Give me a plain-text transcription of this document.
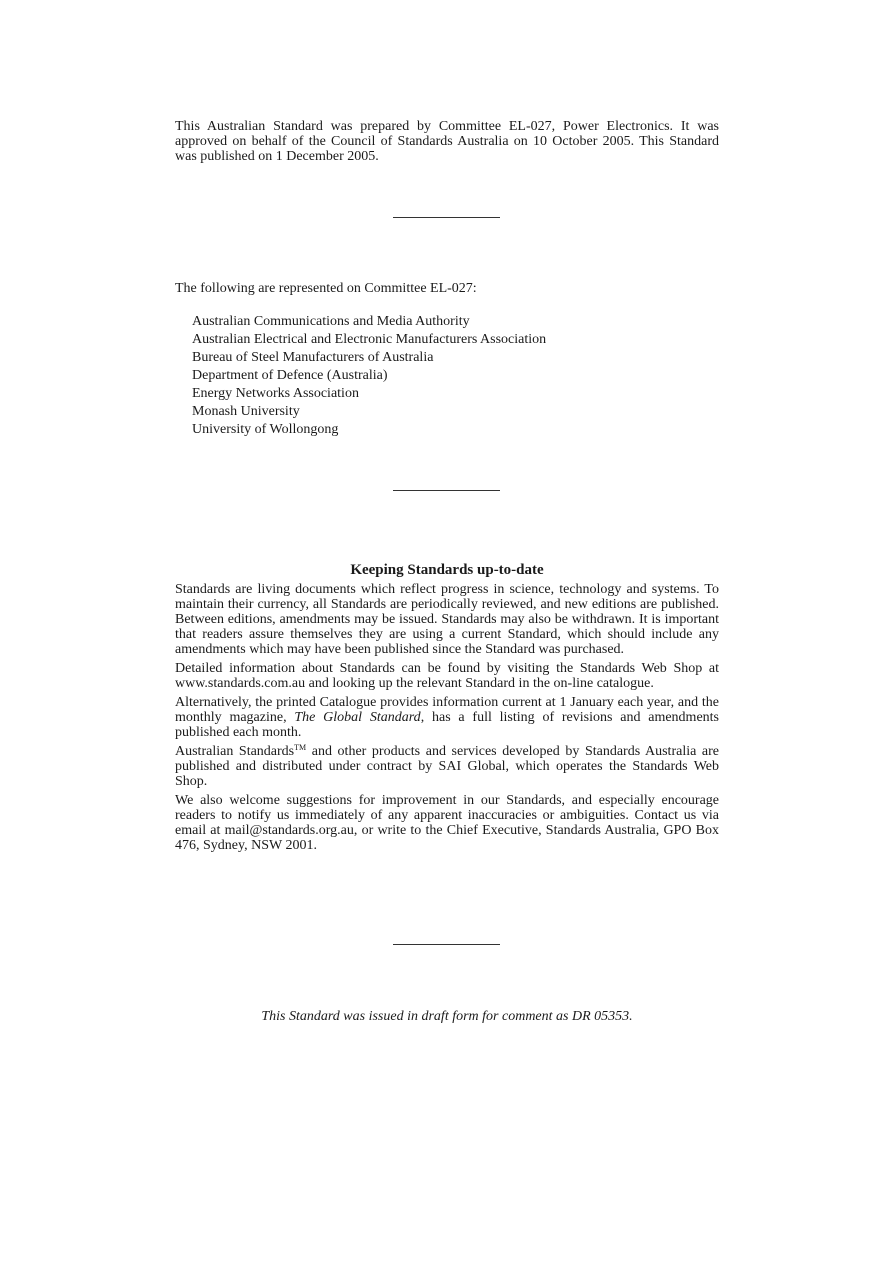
This Australian Standard was prepared by Committee EL-027, Power Electronics. It was approved on behalf of the Council of Standards Australia on 10 October 2005. This Standard was published on 1 December 2005.
The following are represented on Committee EL-027:
Australian Communications and Media Authority
Australian Electrical and Electronic Manufacturers Association
Bureau of Steel Manufacturers of Australia
Department of Defence (Australia)
Energy Networks Association
Monash University
University of Wollongong
Keeping Standards up-to-date

Standards are living documents which reflect progress in science, technology and systems. To maintain their currency, all Standards are periodically reviewed, and new editions are published. Between editions, amendments may be issued. Standards may also be withdrawn. It is important that readers assure themselves they are using a current Standard, which should include any amendments which may have been published since the Standard was purchased.

Detailed information about Standards can be found by visiting the Standards Web Shop at www.standards.com.au and looking up the relevant Standard in the on-line catalogue.

Alternatively, the printed Catalogue provides information current at 1 January each year, and the monthly magazine, The Global Standard, has a full listing of revisions and amendments published each month.

Australian Standards™ and other products and services developed by Standards Australia are published and distributed under contract by SAI Global, which operates the Standards Web Shop.

We also welcome suggestions for improvement in our Standards, and especially encourage readers to notify us immediately of any apparent inaccuracies or ambiguities. Contact us via email at mail@standards.org.au, or write to the Chief Executive, Standards Australia, GPO Box 476, Sydney, NSW 2001.

This Standard was issued in draft form for comment as DR 05353.
